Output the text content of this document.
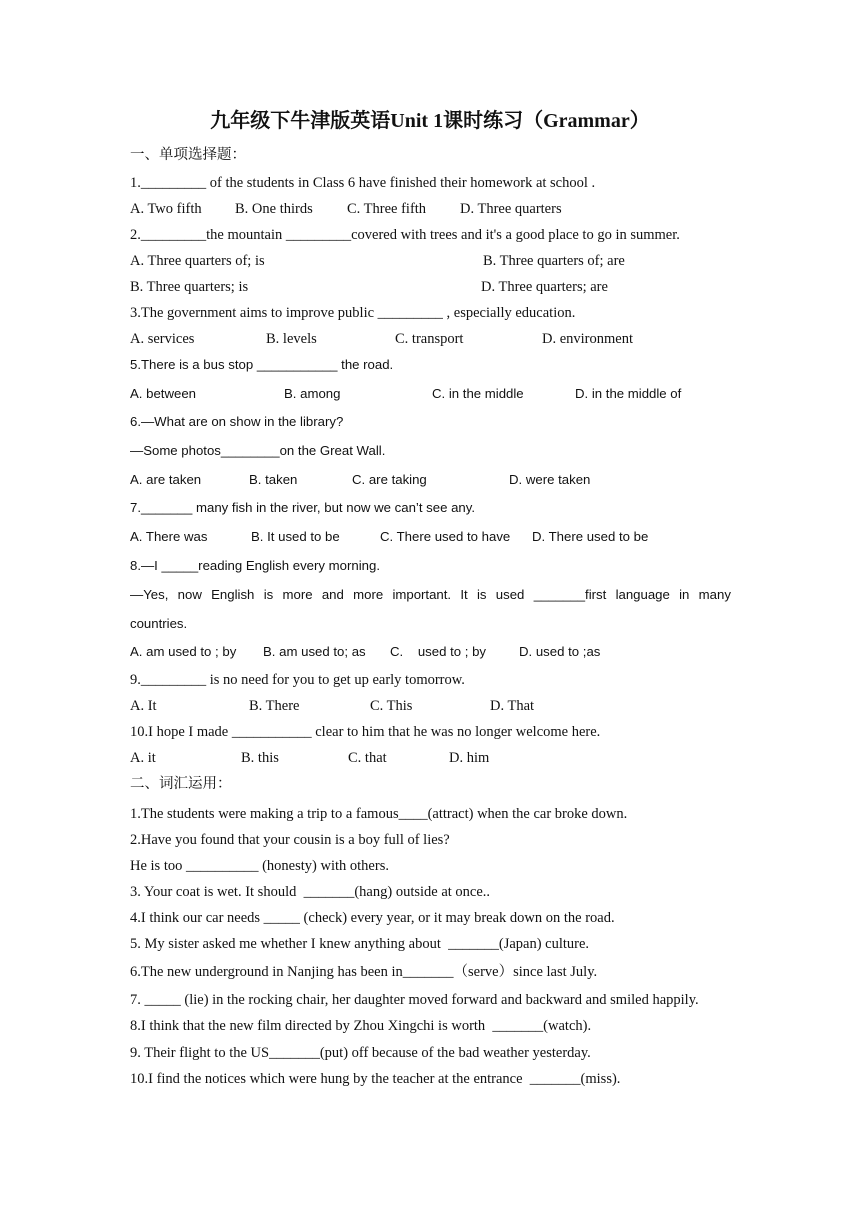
九年级下牛津版英语Unit 1课时练习（Grammar）
一、单项选择题：
1._________ of the students in Class 6 have finished their homework at school .
A. Two fifth B. One thirds C. Three fifth D. Three quarters
2._________the mountain _________covered with trees and it's a good place to go in summer.
A. Three quarters of; is	B. Three quarters of; are
B. Three quarters; is	D. Three quarters; are
3.The government aims to improve public _________ , especially education.
A. services	B. levels	C. transport	D. environment
5.There is a bus stop ___________ the road.
A. between	B. among	C. in the middle	D. in the middle of
6.—What are on show in the library?
—Some photos________on the Great Wall.
A. are taken	B. taken	C. are taking	D. were taken
7._______ many fish in the river, but now we can’t see any.
A. There was	B. It used to be	C. There used to have D. There used to be
8.—I _____reading English every morning.
—Yes, now English is more and more important. It is used _______first language in many
countries.
A. am used to ; by B. am used to; as C.    used to ; by D. used to ;as
9._________ is no need for you to get up early tomorrow.
A. It	B. There	C. This	D. That
10.I hope I made ___________ clear to him that he was no longer welcome here.
A. it	B. this	C. that	D. him
二、词汇运用：
1.The students were making a trip to a famous____(attract) when the car broke down.
2.Have you found that your cousin is a boy full of lies?
He is too __________ (honesty) with others.
3. Your coat is wet. It should  _______(hang) outside at once..
4.I think our car needs _____ (check) every year, or it may break down on the road.
5. My sister asked me whether I knew anything about  _______(Japan) culture.
6.The new underground in Nanjing has been in_______（serve）since last July.
7. _____ (lie) in the rocking chair, her daughter moved forward and backward and smiled happily.
8.I think that the new film directed by Zhou Xingchi is worth  _______(watch).
9. Their flight to the US_______(put) off because of the bad weather yesterday.
10.I find the notices which were hung by the teacher at the entrance  _______(miss).
